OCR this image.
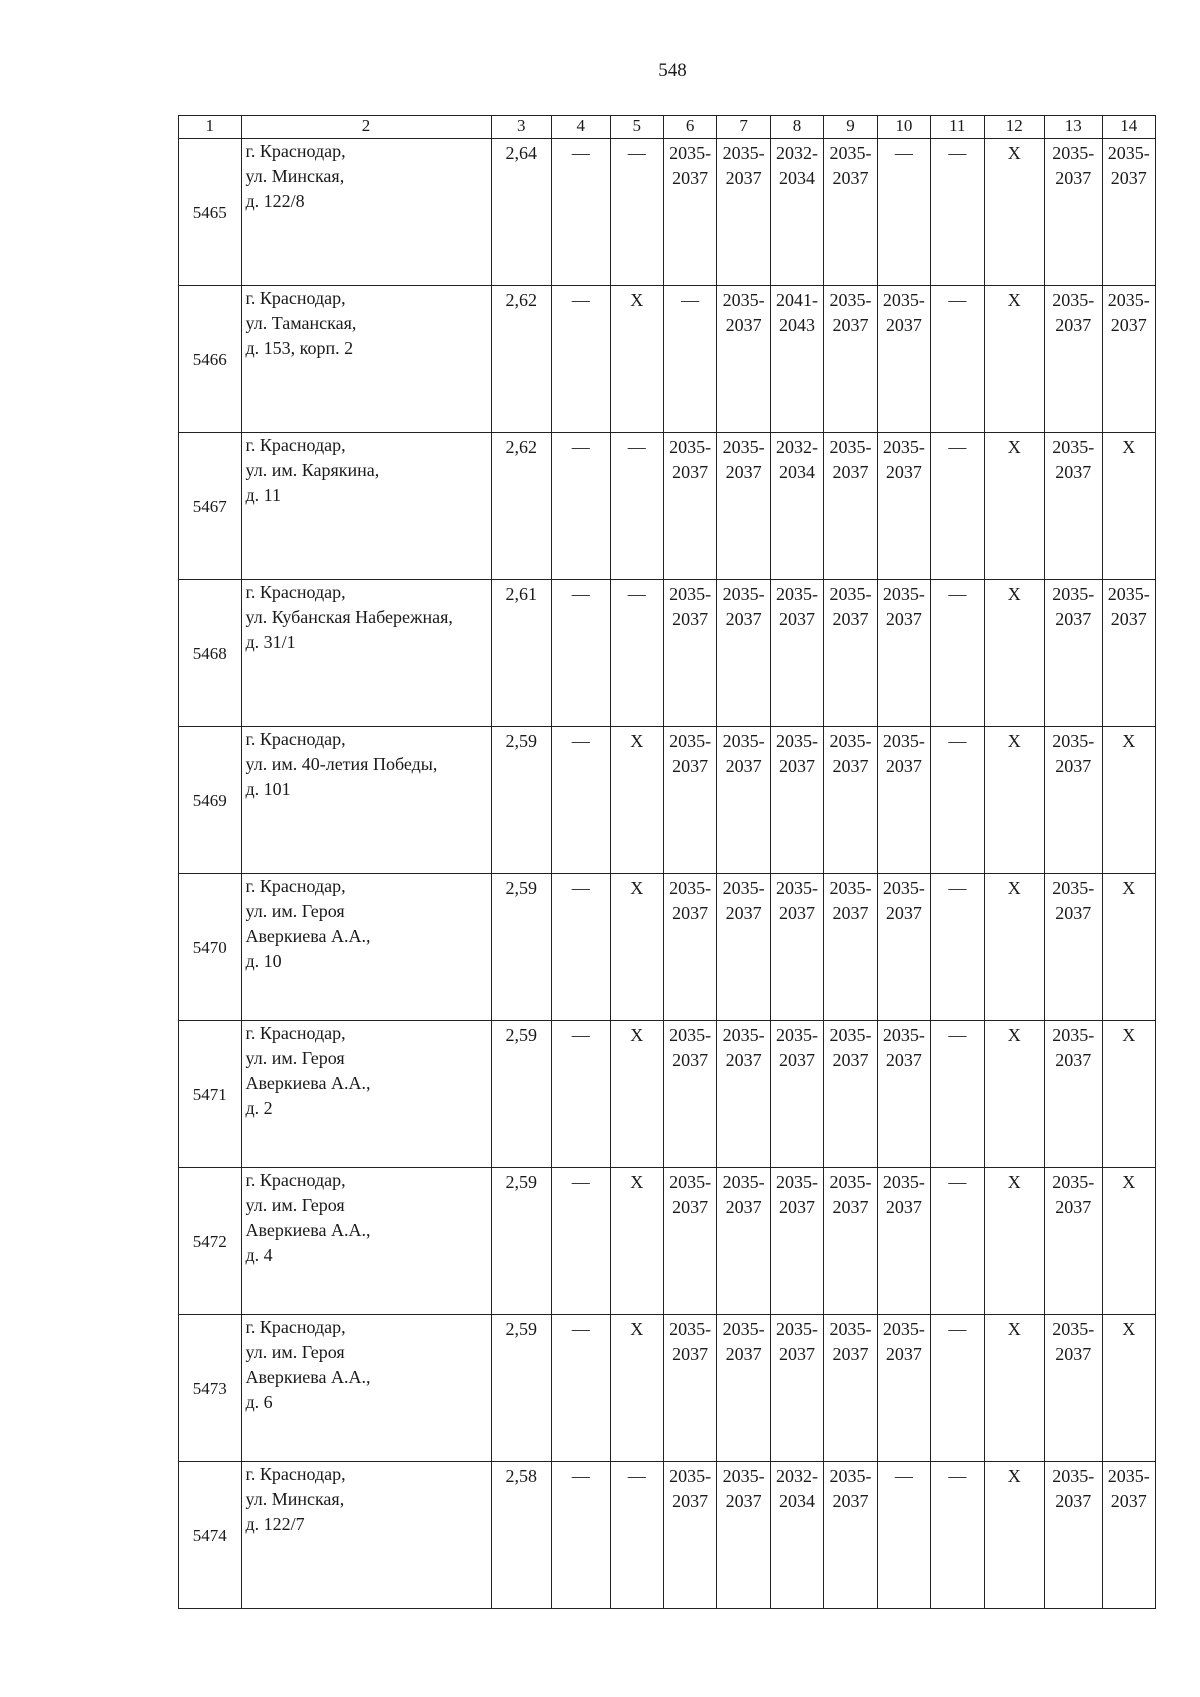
548
1	2	3	4	5	6	7	8	9	10	11	12	13	14
5465	г. Краснодар,
ул. Минская,
д. 122/8	2,64	—	—	2035-2037	2035-2037	2032-2034	2035-2037	—	—	X	2035-2037	2035-2037
5466	г. Краснодар,
ул. Таманская,
д. 153, корп. 2	2,62	—	X	—	2035-2037	2041-2043	2035-2037	2035-2037	—	X	2035-2037	2035-2037
5467	г. Краснодар,
ул. им. Карякина,
д. 11	2,62	—	—	2035-2037	2035-2037	2032-2034	2035-2037	2035-2037	—	X	2035-2037	X
5468	г. Краснодар,
ул. Кубанская Набережная,
д. 31/1	2,61	—	—	2035-2037	2035-2037	2035-2037	2035-2037	2035-2037	—	X	2035-2037	2035-2037
5469	г. Краснодар,
ул. им. 40-летия Победы,
д. 101	2,59	—	X	2035-2037	2035-2037	2035-2037	2035-2037	2035-2037	—	X	2035-2037	X
5470	г. Краснодар,
ул. им. Героя
Аверкиева А.А.,
д. 10	2,59	—	X	2035-2037	2035-2037	2035-2037	2035-2037	2035-2037	—	X	2035-2037	X
5471	г. Краснодар,
ул. им. Героя
Аверкиева А.А.,
д. 2	2,59	—	X	2035-2037	2035-2037	2035-2037	2035-2037	2035-2037	—	X	2035-2037	X
5472	г. Краснодар,
ул. им. Героя
Аверкиева А.А.,
д. 4	2,59	—	X	2035-2037	2035-2037	2035-2037	2035-2037	2035-2037	—	X	2035-2037	X
5473	г. Краснодар,
ул. им. Героя
Аверкиева А.А.,
д. 6	2,59	—	X	2035-2037	2035-2037	2035-2037	2035-2037	2035-2037	—	X	2035-2037	X
5474	г. Краснодар,
ул. Минская,
д. 122/7	2,58	—	—	2035-2037	2035-2037	2032-2034	2035-2037	—	—	X	2035-2037	2035-2037
